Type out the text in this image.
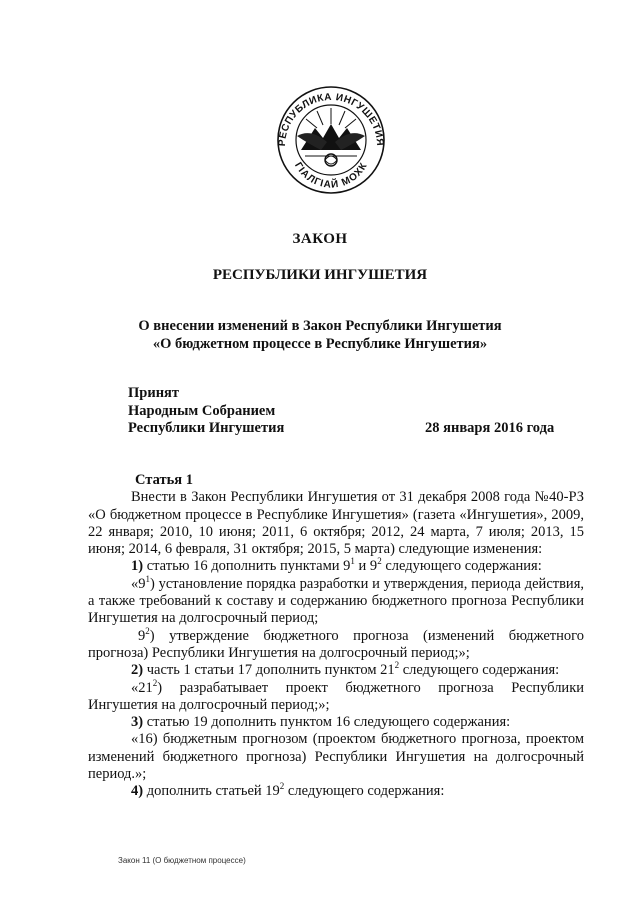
РЕСПУБЛИКА ИНГУШЕТИЯ
ГIАЛГIАЙ МОХК
ЗАКОН
РЕСПУБЛИКИ ИНГУШЕТИЯ
О внесении изменений в Закон Республики Ингушетия
«О бюджетном процессе в Республике Ингушетия»
Принят
Народным Собранием
Республики Ингушетия	28 января 2016 года

Статья 1

Внести в Закон Республики Ингушетия от 31 декабря 2008 года №40-РЗ «О бюджетном процессе в Республике Ингушетия» (газета «Ингушетия», 2009, 22 января; 2010, 10 июня; 2011, 6 октября; 2012, 24 марта, 7 июля; 2013, 15 июня; 2014, 6 февраля, 31 октября; 2015, 5 марта) следующие изменения:

1) статью 16 дополнить пунктами $9^1$ и $9^2$ следующего содержания:

«$9^1$) установление порядка разработки и утверждения, периода действия, а также требований к составу и содержанию бюджетного прогноза Республики Ингушетия на долгосрочный период;

$9^2$) утверждение бюджетного прогноза (изменений бюджетного прогноза) Республики Ингушетия на долгосрочный период;»;

2) часть 1 статьи 17 дополнить пунктом $21^2$ следующего содержания:

«$21^2$) разрабатывает проект бюджетного прогноза Республики Ингушетия на долгосрочный период;»;

3) статью 19 дополнить пунктом 16 следующего содержания:

«16) бюджетным прогнозом (проектом бюджетного прогноза, проектом изменений бюджетного прогноза) Республики Ингушетия на долгосрочный период.»;

4) дополнить статьей $19^2$ следующего содержания:

Закон 11 (О бюджетном процессе)
